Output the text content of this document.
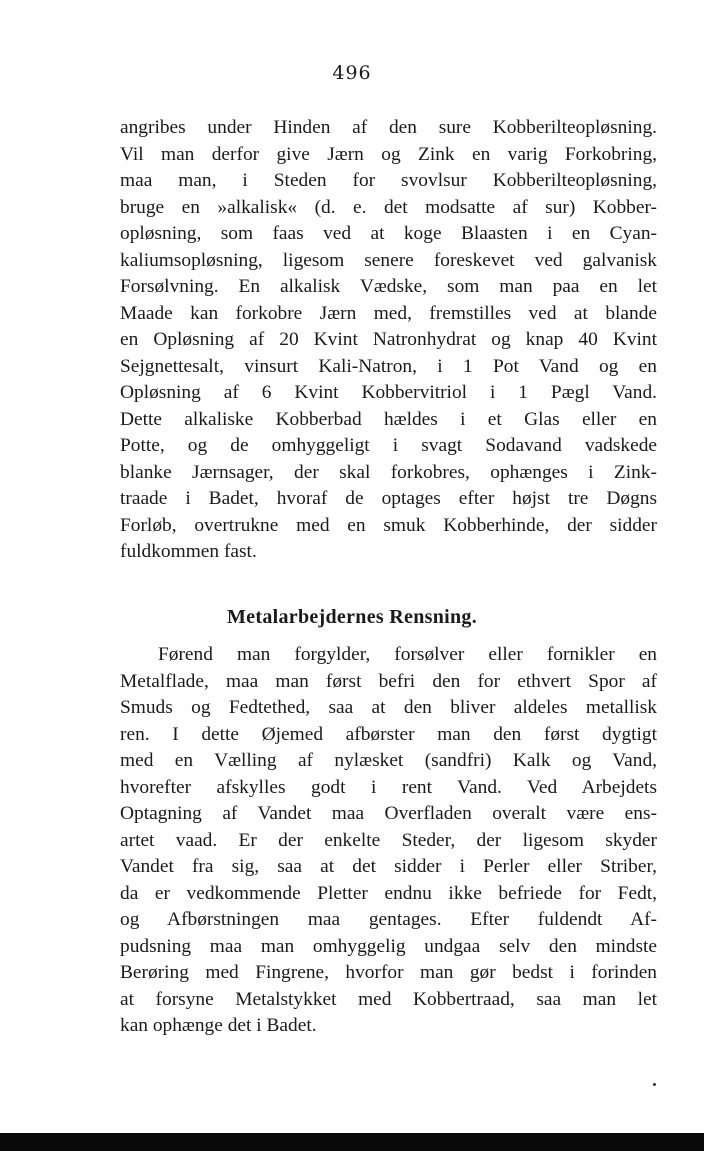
496
angribes under Hinden af den sure Kobberilteopløsning.
Vil man derfor give Jærn og Zink en varig Forkobring,
maa man, i Steden for svovlsur Kobberilteopløsning,
bruge en »alkalisk« (d. e. det modsatte af sur) Kobber-
opløsning, som faas ved at koge Blaasten i en Cyan-
kaliumsopløsning, ligesom senere foreskevet ved galvanisk
Forsølvning. En alkalisk Vædske, som man paa en let
Maade kan forkobre Jærn med, fremstilles ved at blande
en Opløsning af 20 Kvint Natronhydrat og knap 40 Kvint
Sejgnettesalt, vinsurt Kali-Natron, i 1 Pot Vand og en
Opløsning af 6 Kvint Kobbervitriol i 1 Pægl Vand.
Dette alkaliske Kobberbad hældes i et Glas eller en
Potte, og de omhyggeligt i svagt Sodavand vadskede
blanke Jærnsager, der skal forkobres, ophænges i Zink-
traade i Badet, hvoraf de optages efter højst tre Døgns
Forløb, overtrukne med en smuk Kobberhinde, der sidder
fuldkommen fast.
Metalarbejdernes Rensning.
Førend man forgylder, forsølver eller fornikler en
Metalflade, maa man først befri den for ethvert Spor af
Smuds og Fedtethed, saa at den bliver aldeles metallisk
ren. I dette Øjemed afbørster man den først dygtigt
med en Vælling af nylæsket (sandfri) Kalk og Vand,
hvorefter afskylles godt i rent Vand. Ved Arbejdets
Optagning af Vandet maa Overfladen overalt være ens-
artet vaad. Er der enkelte Steder, der ligesom skyder
Vandet fra sig, saa at det sidder i Perler eller Striber,
da er vedkommende Pletter endnu ikke befriede for Fedt,
og Afbørstningen maa gentages. Efter fuldendt Af-
pudsning maa man omhyggelig undgaa selv den mindste
Berøring med Fingrene, hvorfor man gør bedst i forinden
at forsyne Metalstykket med Kobbertraad, saa man let
kan ophænge det i Badet.
